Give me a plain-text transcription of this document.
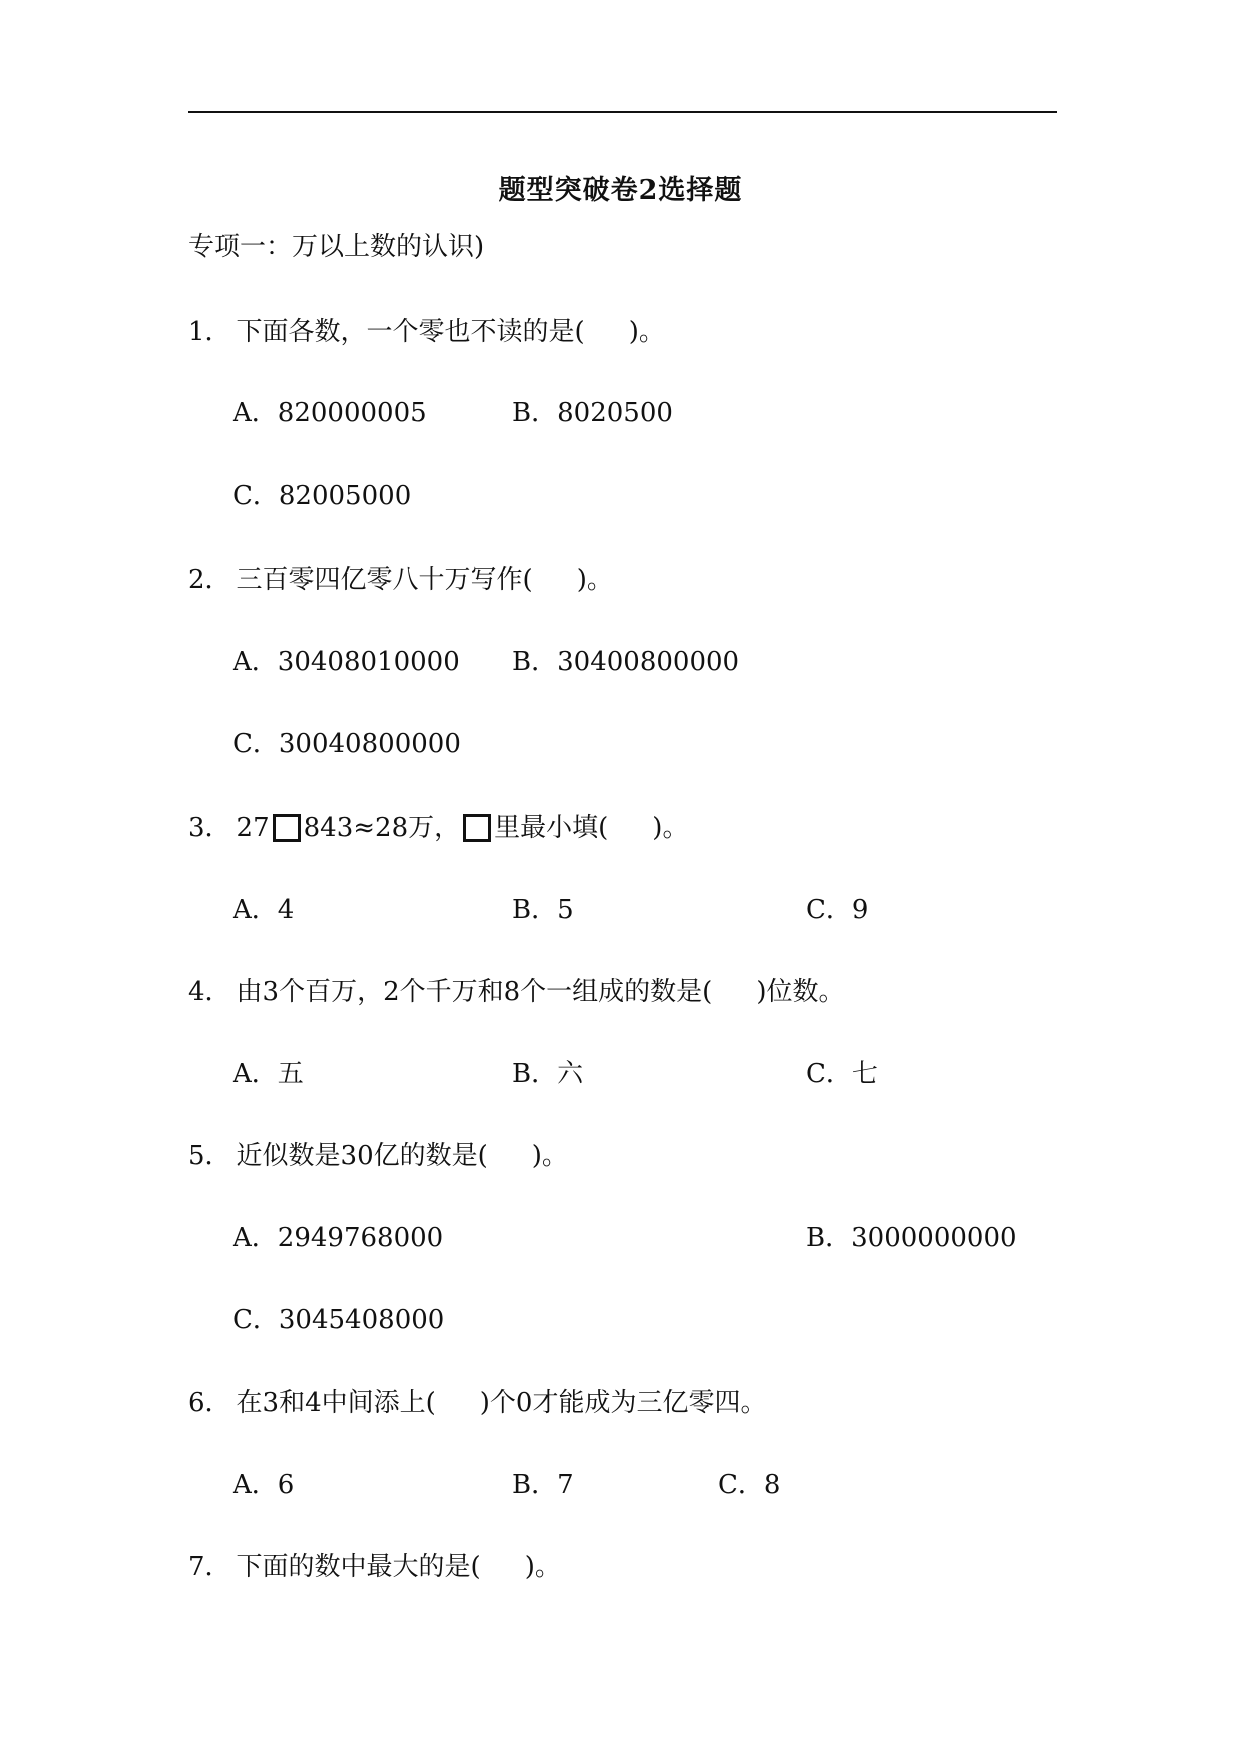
题型突破卷2选择题
专项一：万以上数的认识)
1． 下面各数，一个零也不读的是( )。
A．820000005	B．8020500
C．82005000
2． 三百零四亿零八十万写作( )。
A．30408010000 B．30400800000
C．30040800000
3． 27 843≈28万， 里最小填( )。
A．4	B．5	C．9
4． 由3个百万，2个千万和8个一组成的数是( )位数。
A．五	B．六	C．七
5． 近似数是30亿的数是( )。
A．2949768000	B．3000000000
C．3045408000
6． 在3和4中间添上( )个0才能成为三亿零四。
A．6	B．7	C．8
7． 下面的数中最大的是( )。
